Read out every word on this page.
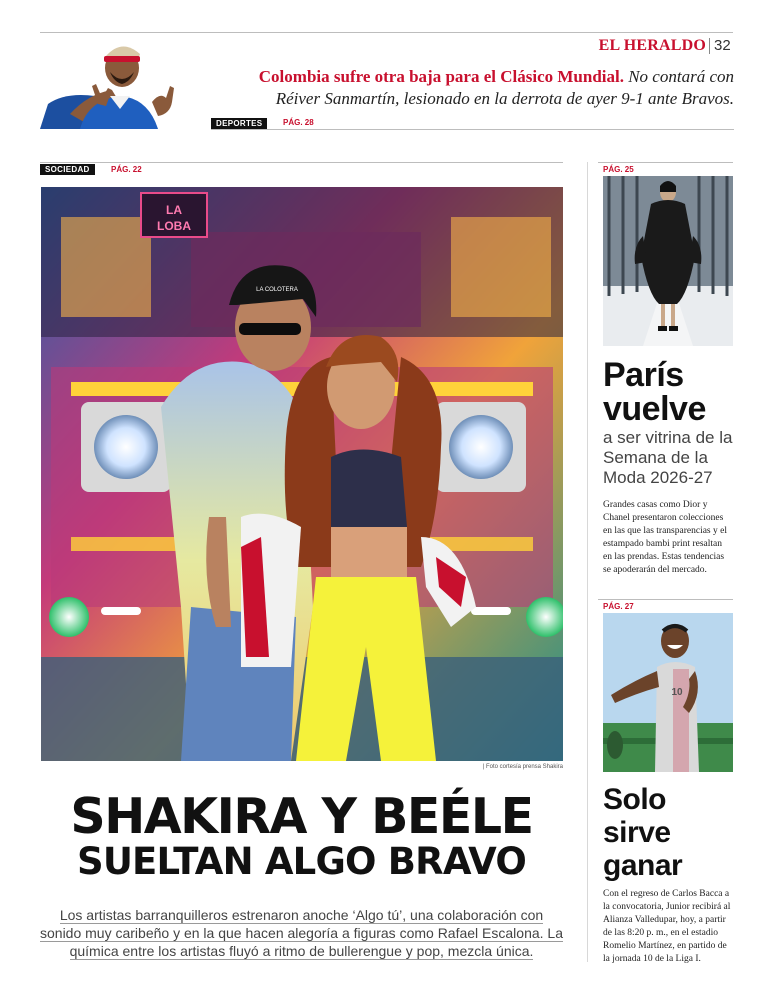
EL HERALDO 32
Colombia sufre otra baja para el Clásico Mundial. No contará con Réiver Sanmartín, lesionado en la derrota de ayer 9-1 ante Bravos.
DEPORTES	PÁG. 28
SOCIEDAD	PÁG. 22
LA
LOBA
LA COLOTERA
| Foto cortesía prensa Shakira
SHAKIRA Y BEÉLE
SUELTAN ALGO BRAVO
Los artistas barranquilleros estrenaron anoche ‘Algo tú’, una colaboración con sonido muy caribeño y en la que hacen alegoría a figuras como Rafael Escalona. La química entre los artistas fluyó a ritmo de bullerengue y pop, mezcla única.
PÁG. 25
París vuelve
a ser vitrina de la Semana de la Moda 2026-27
Grandes casas como Dior y Chanel presentaron colecciones en las que las transparencias y el estampado bambi print resaltan en las prendas. Estas tendencias se apoderarán del mercado.
PÁG. 27
10
Solo sirve ganar
Con el regreso de Carlos Bacca a la convocatoria, Junior recibirá al Alianza Valledupar, hoy, a partir de las 8:20 p. m., en el estadio Romelio Martínez, en partido de la jornada 10 de la Liga I.
